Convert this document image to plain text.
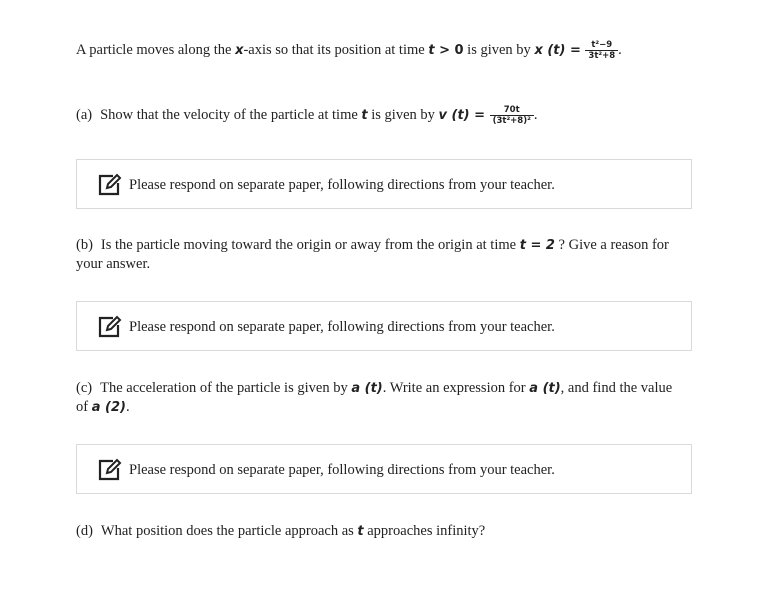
A particle moves along the x-axis so that its position at time t > 0 is given by x $(t) = \frac{\text{t²−9}}{\text{3t²+8}}$ .
(a) Show that the velocity of the particle at time t is given by v $(t) = \frac{70t}{\text{(3t²+8)²}}$ .
Please respond on separate paper, following directions from your teacher.
(b) Is the particle moving toward the origin or away from the origin at time t = 2 ? Give a reason for
your answer.
Please respond on separate paper, following directions from your teacher.
(c) The acceleration of the particle is given by a (t). Write an expression for a (t), and find the value
of a (2).
Please respond on separate paper, following directions from your teacher.
(d) What position does the particle approach as t approaches infinity?
